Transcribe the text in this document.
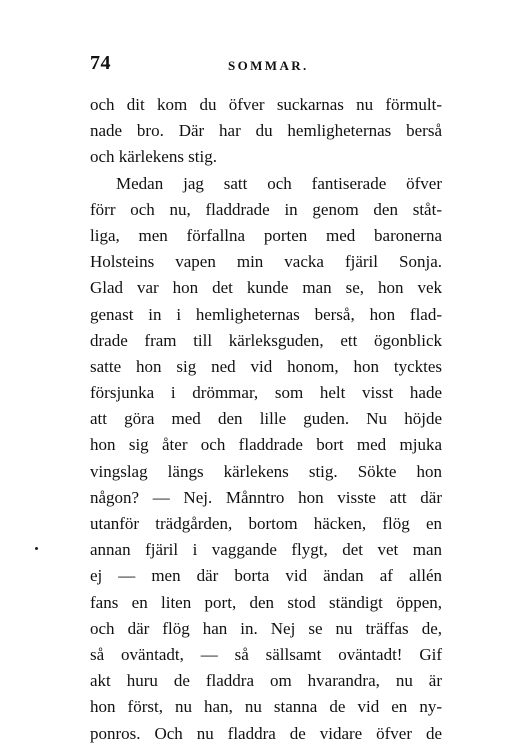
74	SOMMAR.
och dit kom du öfver suckarnas nu förmult-
nade bro. Där har du hemligheternas berså
och kärlekens stig.
Medan jag satt och fantiserade öfver
förr och nu, fladdrade in genom den ståt-
liga, men förfallna porten med baronerna
Holsteins vapen min vacka fjäril Sonja.
Glad var hon det kunde man se, hon vek
genast in i hemligheternas berså, hon flad-
drade fram till kärleksguden, ett ögonblick
satte hon sig ned vid honom, hon tycktes
försjunka i drömmar, som helt visst hade
att göra med den lille guden. Nu höjde
hon sig åter och fladdrade bort med mjuka
vingslag längs kärlekens stig. Sökte hon
någon? — Nej. Månntro hon visste att där
utanför trädgården, bortom häcken, flög en
annan fjäril i vaggande flygt, det vet man
ej — men där borta vid ändan af allén
fans en liten port, den stod ständigt öppen,
och där flög han in. Nej se nu träffas de,
så oväntadt, — så sällsamt oväntadt! Gif
akt huru de fladdra om hvarandra, nu är
hon först, nu han, nu stanna de vid en ny-
ponros. Och nu fladdra de vidare öfver de
